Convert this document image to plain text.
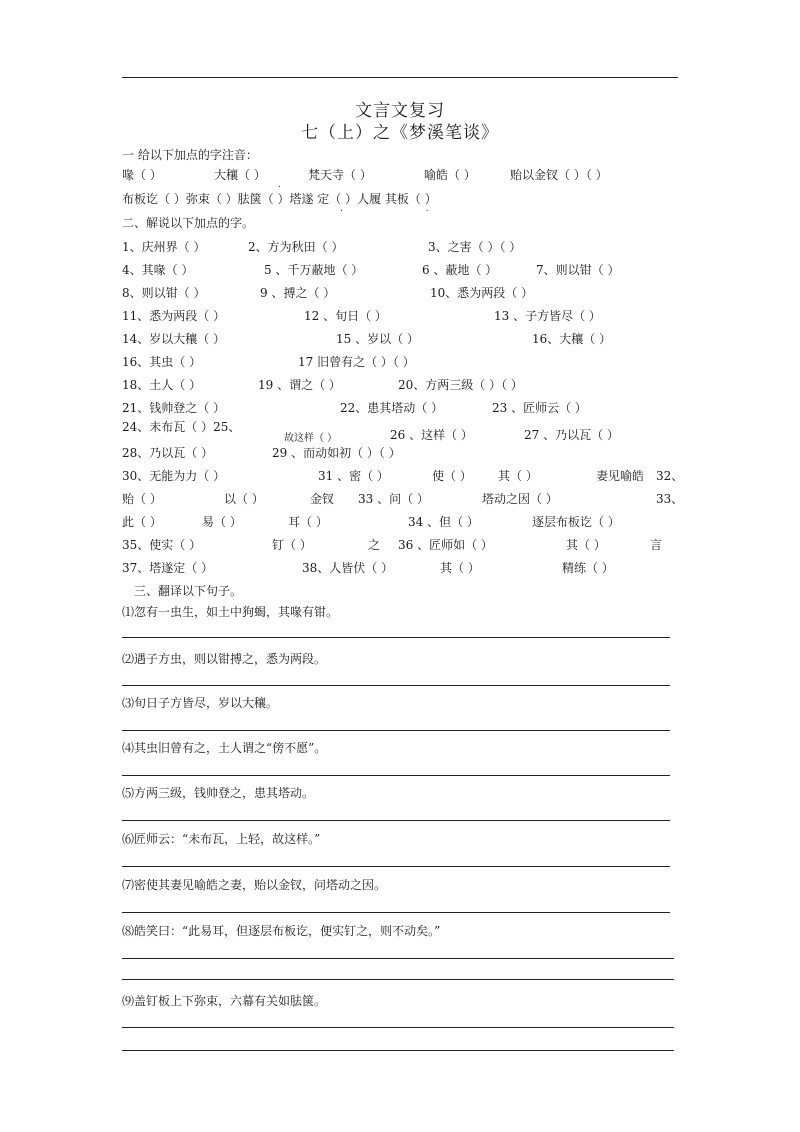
文言文复习
七（上）之《梦溪笔谈》
一 给以下加点的字注音：
喙（ ）	大穰（ ）	梵天寺（ ）	喻皓（ ）	贻以金钗（ ）（ ）
.
布板讫（ ）弥束（ ）胠箧（ ）塔遂 定（ ）人履 其板（ ）
. .
二、解说以下加点的字。
1、庆州界（ ）	2、方为秋田（ ）	3、之害（ ）（ ）
4、其喙（ ）	5 、千万蔽地（ ）	6 、蔽地（ ）	7、则以钳（ ）
8、则以钳（ ）	9 、搏之（ ）	10、悉为两段（ ）
11、悉为两段（ ）	12 、旬日（ ）	13 、子方皆尽（ ）
14、岁以大穰（ ）	15 、岁以（ ）	16、大穰（ ）
16、其虫（ ）	17 旧曾有之（ ）（ ）
18、土人（ ）	19 、谓之（ ）	20、方两三级（ ）（ ）
21、钱帅登之（ ）	22、患其塔动（ ）	23 、匠师云（ ）
24、未布瓦（ ）25、
故这样（ ）	26 、这样（ ）	27 、乃以瓦（ ）
28、乃以瓦（ ）	29 、而动如初（ ）（ ）
30、无能为力（ ）	31 、密（ ）	使（ ） 其（ ）	妻见喻皓 32、
贻（ ）	以（ ）	金钗 33 、问（ ）	塔动之因（ ）	33、
此（ ）	易（ ）	耳（ ）	34 、但（ ）	逐层布板讫（ ）
35、使实（ ）	钉（ ）	之 36 、匠师如（ ）	其（ ）	言
37、塔遂定（ ）	38、人皆伏（ ）	其（ ）	精练（ ）
三、翻译以下句子。
⑴忽有一虫生，如土中狗蝎，其喙有钳。
⑵遇子方虫，则以钳搏之，悉为两段。
⑶旬日子方皆尽，岁以大穰。
⑷其虫旧曾有之，土人谓之“傍不愿”。
⑸方两三级，钱帅登之，患其塔动。
⑹匠师云：“未布瓦，上轻，故这样。”
⑺密使其妻见喻皓之妻，贻以金钗，问塔动之因。
⑻皓笑曰：“此易耳，但逐层布板讫，便实钉之，则不动矣。”
⑼盖钉板上下弥束，六幕有关如胠箧。
